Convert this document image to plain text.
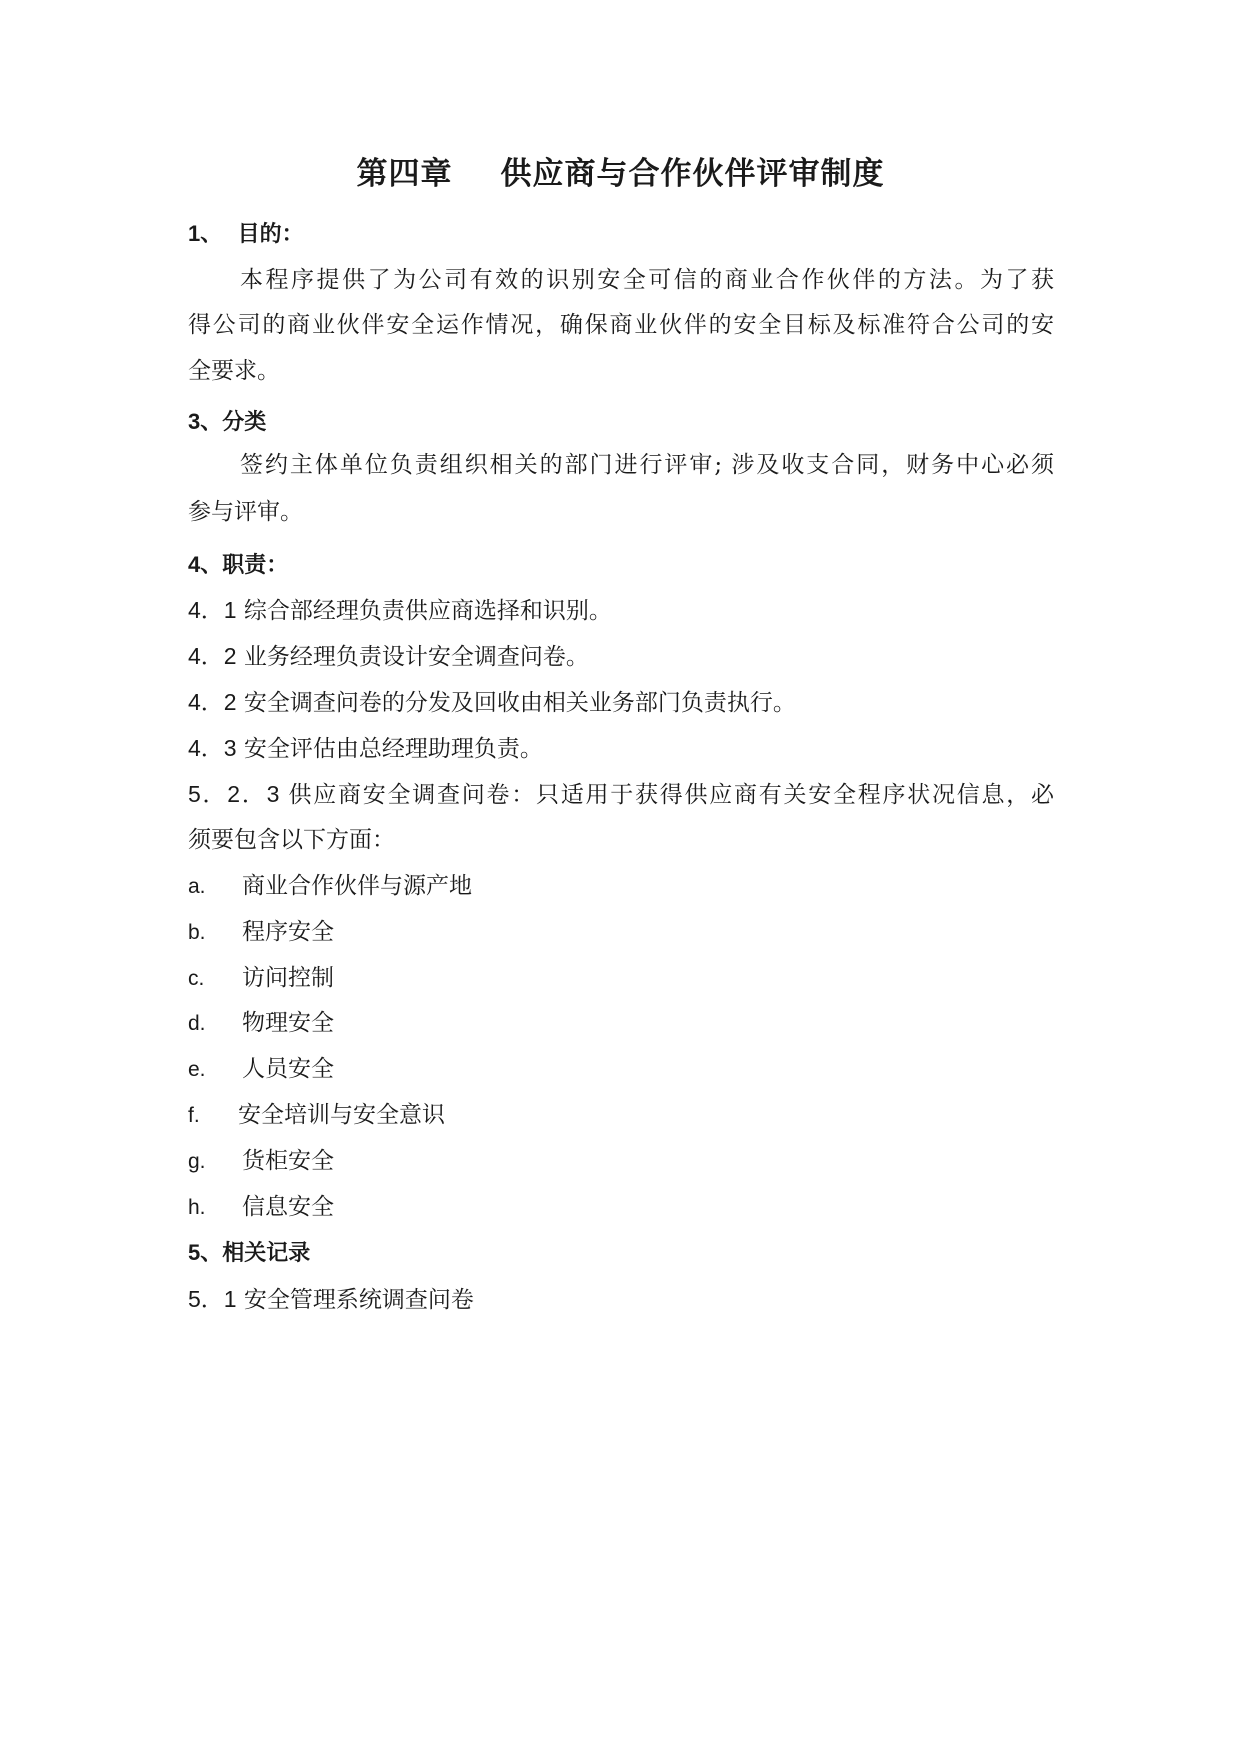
第四章 供应商与合作伙伴评审制度
1、 目的：
本程序提供了为公司有效的识别安全可信的商业合作伙伴的方法。为了获
得公司的商业伙伴安全运作情况，确保商业伙伴的安全目标及标准符合公司的安
全要求。
3、分类
签约主体单位负责组织相关的部门进行评审; 涉及收支合同，财务中心必须
参与评审。
4、职责：
4．1 综合部经理负责供应商选择和识别。
4．2 业务经理负责设计安全调查问卷。
4．2 安全调查问卷的分发及回收由相关业务部门负责执行。
4．3 安全评估由总经理助理负责。
5．2．3 供应商安全调查问卷：只适用于获得供应商有关安全程序状况信息，必
须要包含以下方面：
a. 商业合作伙伴与源产地
b. 程序安全
c. 访问控制
d. 物理安全
e. 人员安全
f. 安全培训与安全意识
g. 货柜安全
h. 信息安全
5、相关记录
5．1 安全管理系统调查问卷
